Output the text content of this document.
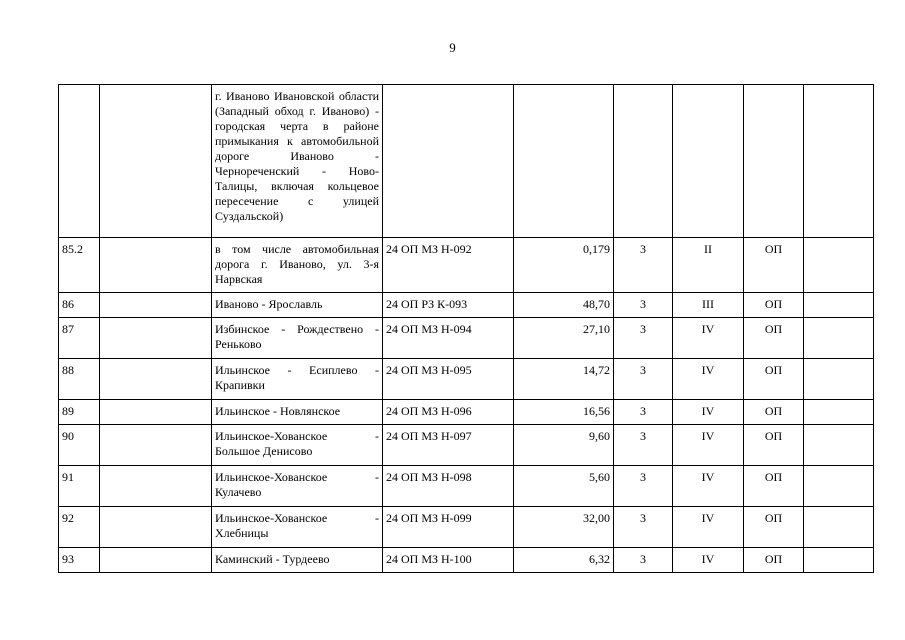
9
		г. Иваново Ивановской области (Западный обход г. Иваново) - городская черта в районе примыкания к автомобильной дороге Иваново - Чернореченский - Ново-Талицы, включая кольцевое пересечение с улицей Суздальской)						
85.2		в том числе автомобильная дорога г. Иваново, ул. 3-я Нарвская	24 ОП МЗ Н-092	0,179	3	II	ОП	
86		Иваново - Ярославль	24 ОП РЗ К-093	48,70	3	III	ОП	
87		Избинское - Рождествено - Реньково	24 ОП МЗ Н-094	27,10	3	IV	ОП	
88		Ильинское - Есиплево - Крапивки	24 ОП МЗ Н-095	14,72	3	IV	ОП	
89		Ильинское - Новлянское	24 ОП МЗ Н-096	16,56	3	IV	ОП	
90		Ильинское-Хованское - Большое Денисово	24 ОП МЗ Н-097	9,60	3	IV	ОП	
91		Ильинское-Хованское - Кулачево	24 ОП МЗ Н-098	5,60	3	IV	ОП	
92		Ильинское-Хованское - Хлебницы	24 ОП МЗ Н-099	32,00	3	IV	ОП	
93		Каминский - Турдеево	24 ОП МЗ Н-100	6,32	3	IV	ОП	
